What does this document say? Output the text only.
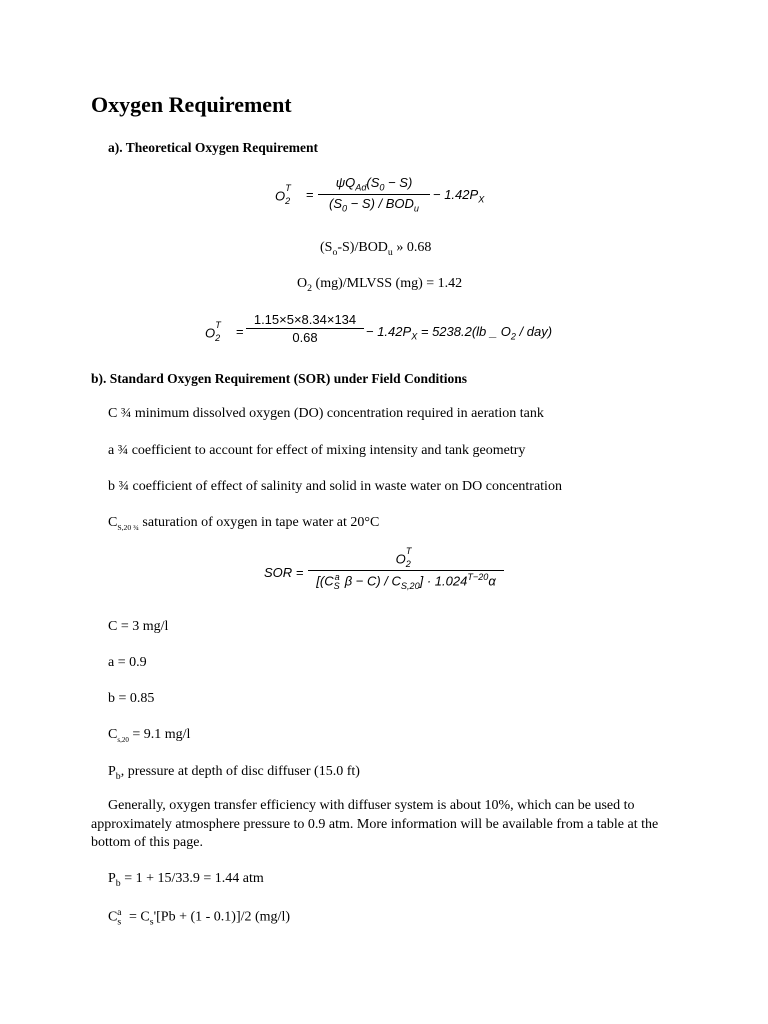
Oxygen Requirement
a). Theoretical Oxygen Requirement
$O_2^T$	=
$\psi Q_{Ad}(S_0 - S)$
$(S_0 - S) / BOD_u$
− $1.42P_X$
$(S_o-S)/BOD_u$ » 0.68
$O_2$ (mg)/MLVSS (mg) = 1.42
$O_2^T$	=
1.15×5×8.34×134
0.68	− $1.42P_X = 5238.2(lb$ _ $O_2 / day$)
b). Standard Oxygen Requirement (SOR) under Field Conditions
C ¾ minimum dissolved oxygen (DO) concentration required in aeration tank
a ¾ coefficient to account for effect of mixing intensity and tank geometry
b ¾ coefficient of effect of salinity and solid in waste water on DO concentration
$C_{S,20 \frac{3}{4}}$ saturation of oxygen in tape water at 20°C
SOR =
$O_2^T$
[($C_S^a$ $\beta - C) / C_{S,20}] \cdot 1.024^{T-20}\alpha$
C = 3 mg/l
a = 0.9
b = 0.85
$C_{s,20} = 9.1$ mg/l
$P_b$, pressure at depth of disc diffuser (15.0 ft)
Generally, oxygen transfer efficiency with diffuser system is about 10%, which can be used to approximately atmosphere pressure to 0.9 atm. More information will be available from a table at the bottom of this page.
$P_b = 1 + 15/33.9 = 1.44$ atm
$C_s^a = C_s'[Pb + (1 - 0.1)]/2$ (mg/l)
